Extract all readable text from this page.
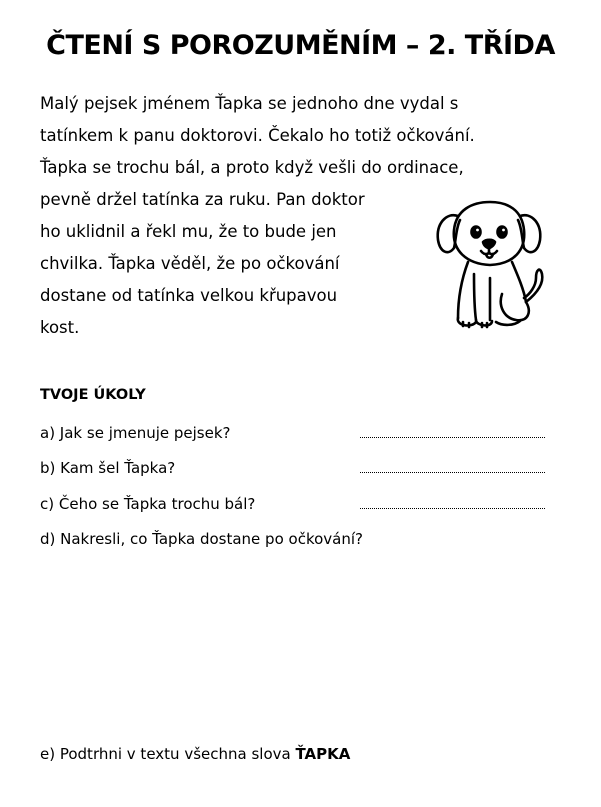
ČTENÍ S POROZUMĚNÍM – 2. TŘÍDA
Malý pejsek jménem Ťapka se jednoho dne vydal s
tatínkem k panu doktorovi. Čekalo ho totiž očkování.
Ťapka se trochu bál, a proto když vešli do ordinace,
pevně držel tatínka za ruku. Pan doktor
ho uklidnil a řekl mu, že to bude jen
chvilka. Ťapka věděl, že po očkování
dostane od tatínka velkou křupavou
kost.
TVOJE ÚKOLY
a) Jak se jmenuje pejsek?
b) Kam šel Ťapka?
c) Čeho se Ťapka trochu bál?
d) Nakresli, co Ťapka dostane po očkování?
e) Podtrhni v textu všechna slova ŤAPKA
